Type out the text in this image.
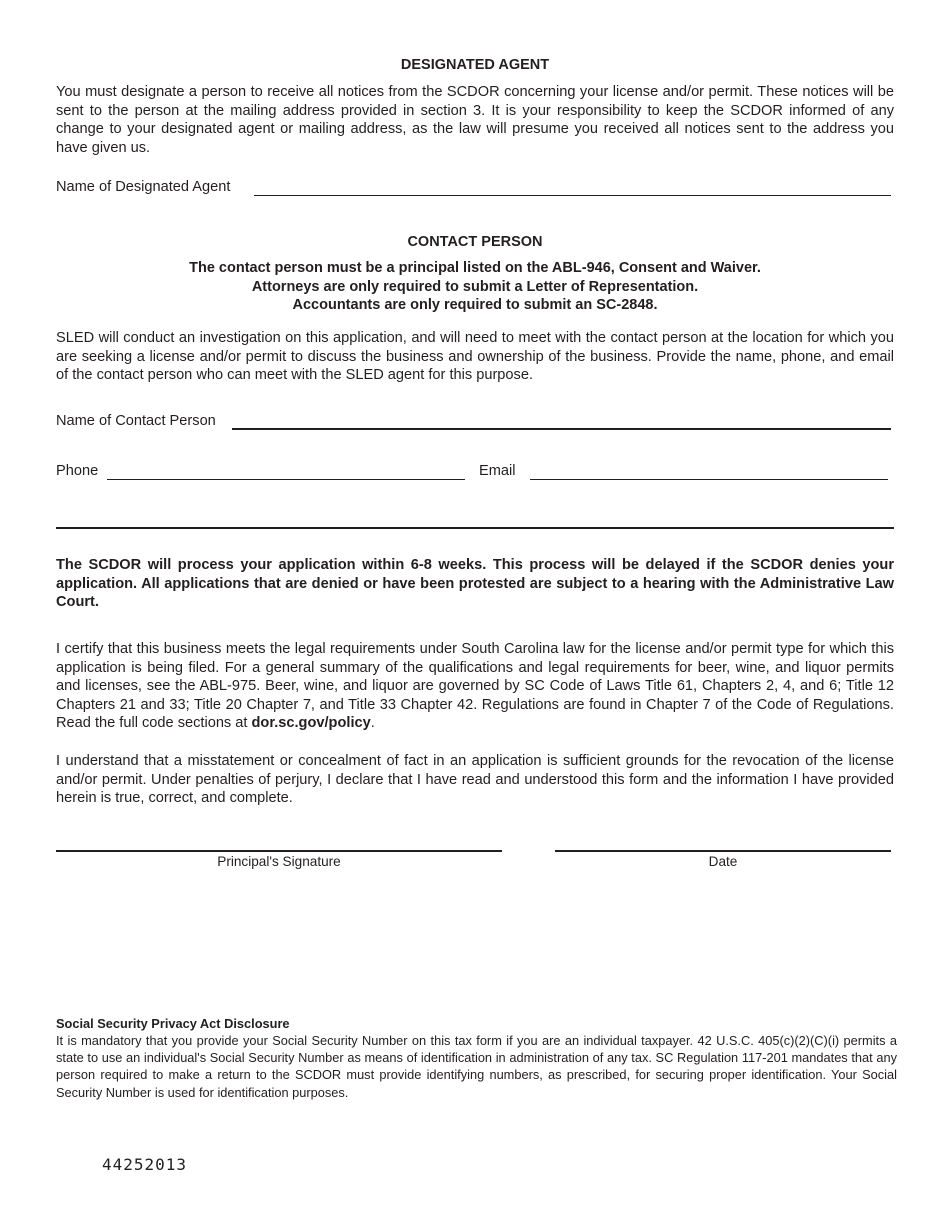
DESIGNATED AGENT
You must designate a person to receive all notices from the SCDOR concerning your license and/or permit. These notices will be sent to the person at the mailing address provided in section 3. It is your responsibility to keep the SCDOR informed of any change to your designated agent or mailing address, as the law will presume you received all notices sent to the address you have given us.
Name of Designated Agent
CONTACT PERSON
The contact person must be a principal listed on the ABL-946, Consent and Waiver.
Attorneys are only required to submit a Letter of Representation.
Accountants are only required to submit an SC-2848.
SLED will conduct an investigation on this application, and will need to meet with the contact person at the location for which you are seeking a license and/or permit to discuss the business and ownership of the business. Provide the name, phone, and email of the contact person who can meet with the SLED agent for this purpose.
Name of Contact Person
Phone	Email
The SCDOR will process your application within 6-8 weeks. This process will be delayed if the SCDOR denies your application. All applications that are denied or have been protested are subject to a hearing with the Administrative Law Court.
I certify that this business meets the legal requirements under South Carolina law for the license and/or permit type for which this application is being filed. For a general summary of the qualifications and legal requirements for beer, wine, and liquor permits and licenses, see the ABL-975. Beer, wine, and liquor are governed by SC Code of Laws Title 61, Chapters 2, 4, and 6; Title 12 Chapters 21 and 33; Title 20 Chapter 7, and Title 33 Chapter 42. Regulations are found in Chapter 7 of the Code of Regulations. Read the full code sections at dor.sc.gov/policy.
I understand that a misstatement or concealment of fact in an application is sufficient grounds for the revocation of the license and/or permit. Under penalties of perjury, I declare that I have read and understood this form and the information I have provided herein is true, correct, and complete.
Principal's Signature	Date
Social Security Privacy Act Disclosure
It is mandatory that you provide your Social Security Number on this tax form if you are an individual taxpayer. 42 U.S.C. 405(c)(2)(C)(i) permits a state to use an individual's Social Security Number as means of identification in administration of any tax. SC Regulation 117-201 mandates that any person required to make a return to the SCDOR must provide identifying numbers, as prescribed, for securing proper identification. Your Social Security Number is used for identification purposes.
44252013
